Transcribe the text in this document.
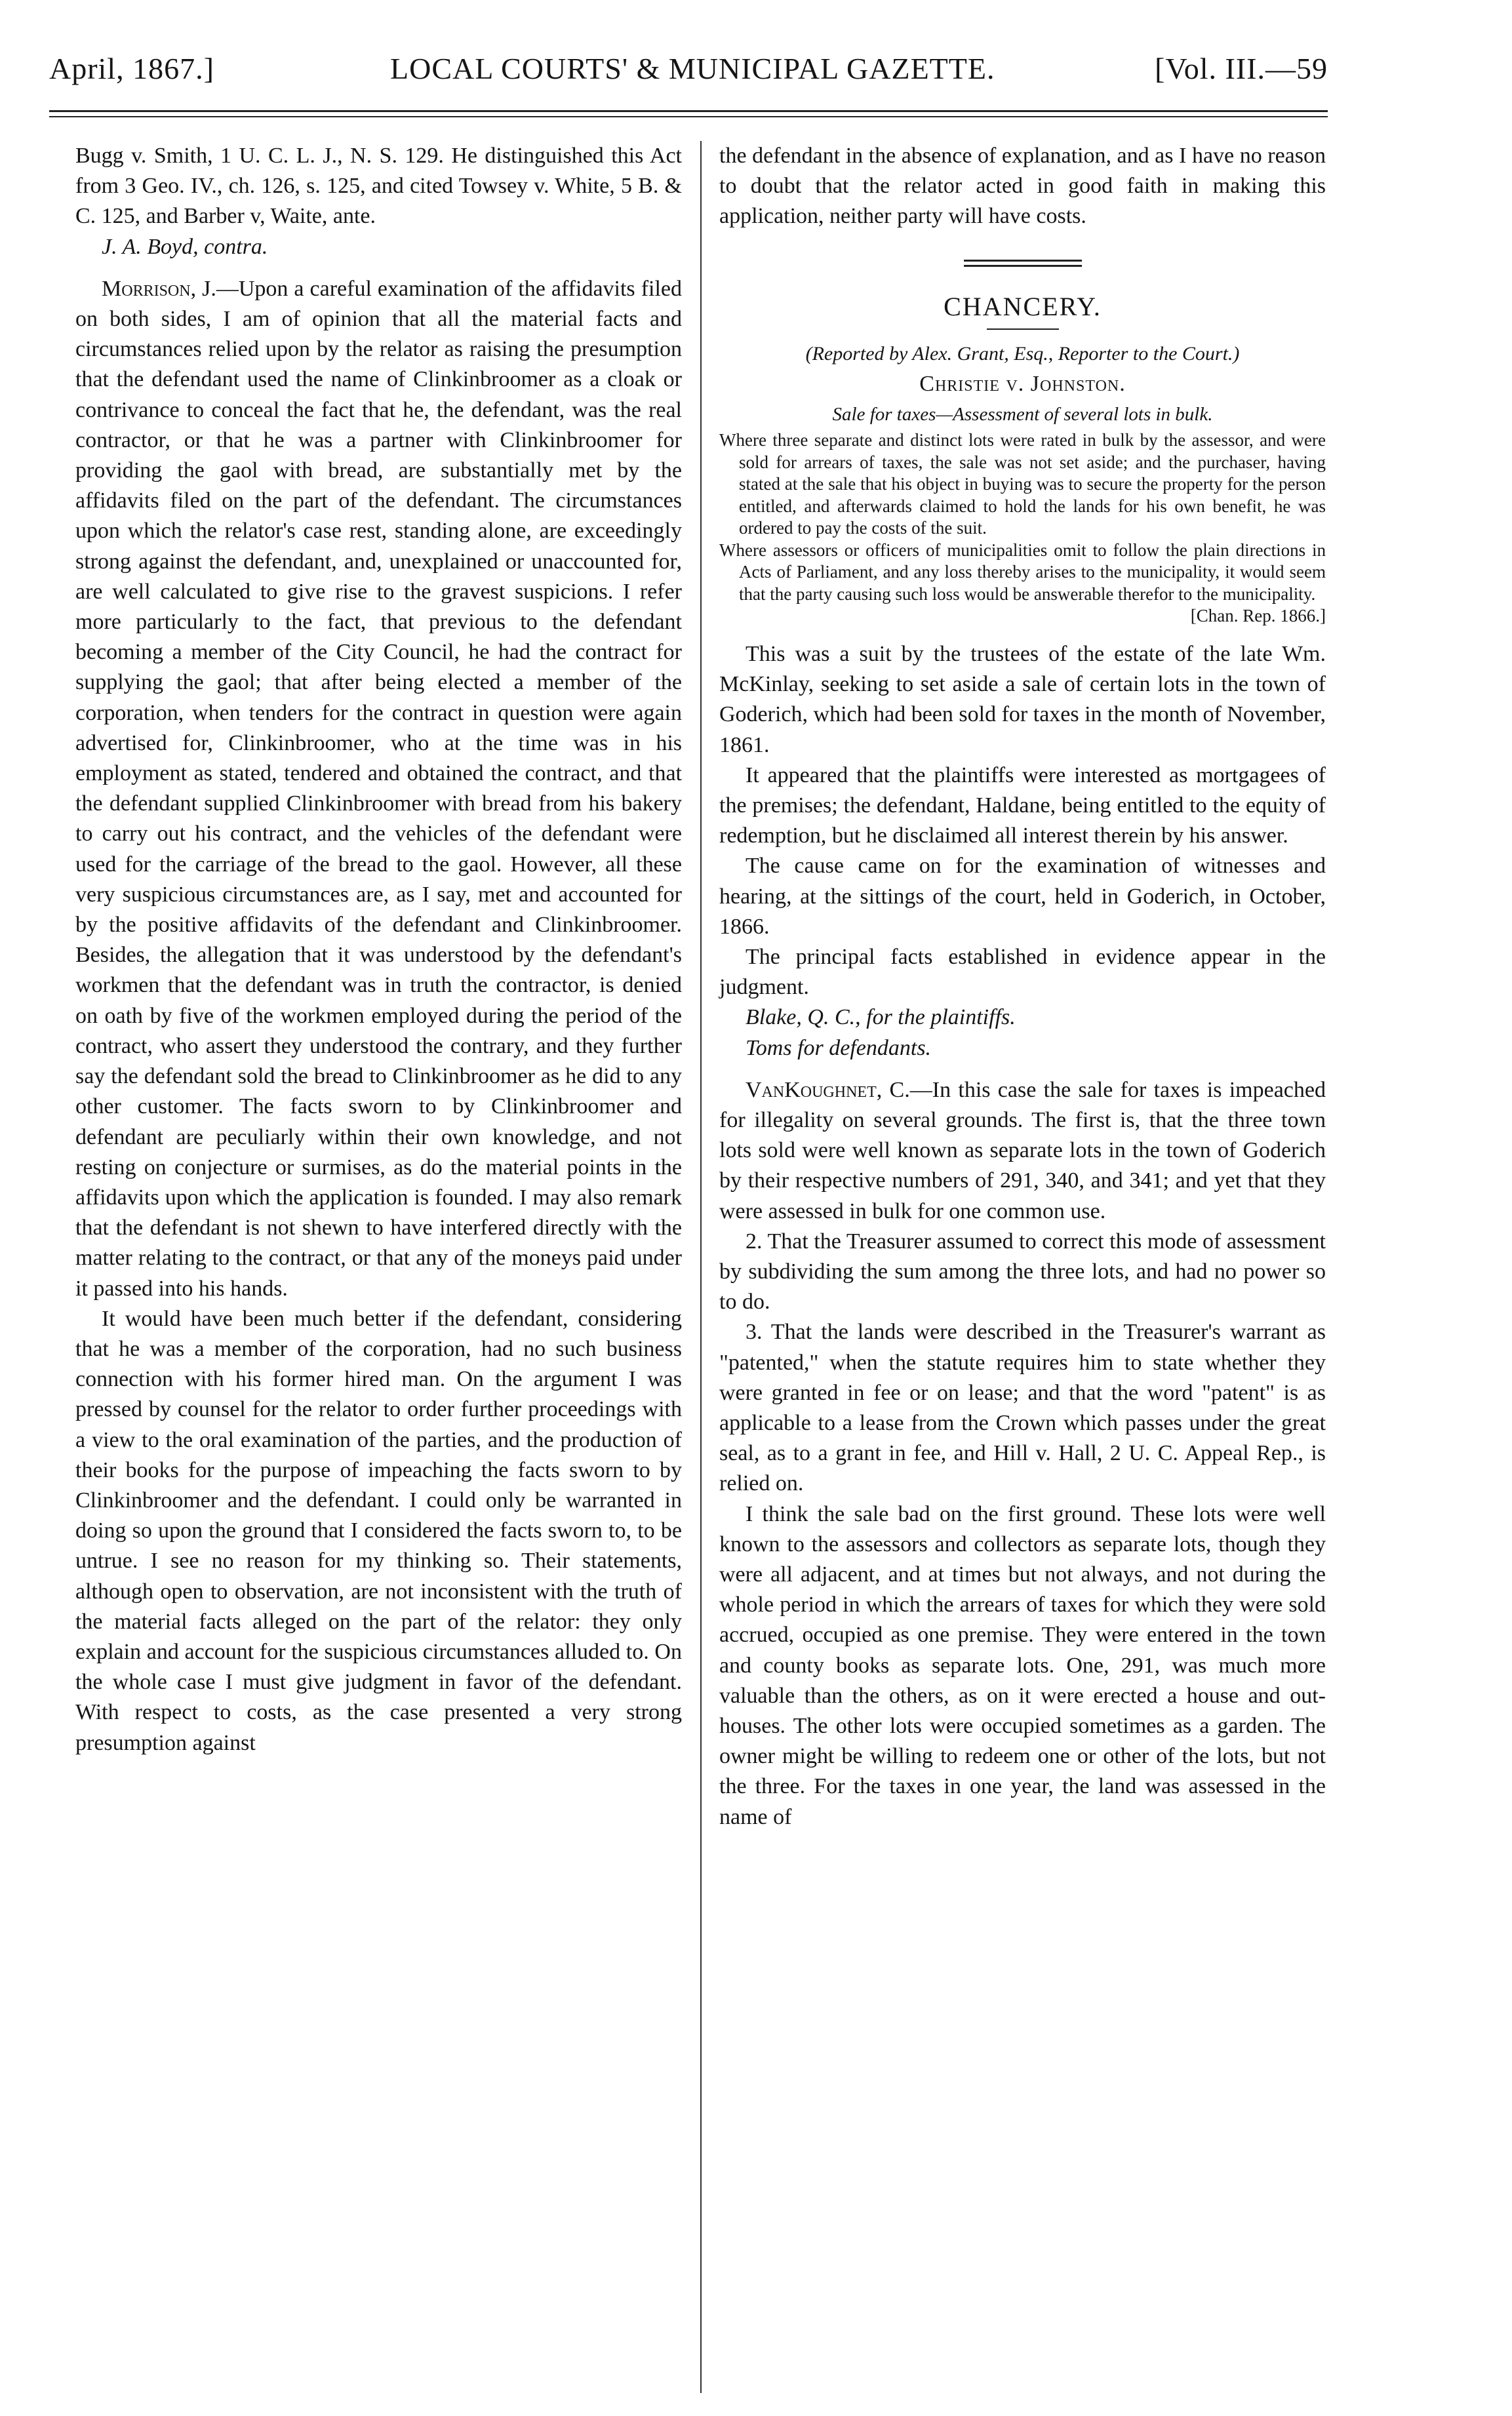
April, 1867.]	LOCAL COURTS' & MUNICIPAL GAZETTE.	[Vol. III.—59

Bugg v. Smith, 1 U. C. L. J., N. S. 129. He distinguished this Act from 3 Geo. IV., ch. 126, s. 125, and cited Towsey v. White, 5 B. & C. 125, and Barber v, Waite, ante.

J. A. Boyd, contra.

Morrison, J.—Upon a careful examination of the affidavits filed on both sides, I am of opinion that all the material facts and circumstances relied upon by the relator as raising the presumption that the defendant used the name of Clinkinbroomer as a cloak or contrivance to conceal the fact that he, the defendant, was the real contractor, or that he was a partner with Clinkinbroomer for providing the gaol with bread, are substantially met by the affidavits filed on the part of the defendant. The circumstances upon which the relator's case rest, standing alone, are exceedingly strong against the defendant, and, unexplained or unaccounted for, are well calculated to give rise to the gravest suspicions. I refer more particularly to the fact, that previous to the defendant becoming a member of the City Council, he had the contract for supplying the gaol; that after being elected a member of the corporation, when tenders for the contract in question were again advertised for, Clinkinbroomer, who at the time was in his employment as stated, tendered and obtained the contract, and that the defendant supplied Clinkinbroomer with bread from his bakery to carry out his contract, and the vehicles of the defendant were used for the carriage of the bread to the gaol. However, all these very suspicious circumstances are, as I say, met and accounted for by the positive affidavits of the defendant and Clinkinbroomer. Besides, the allegation that it was understood by the defendant's workmen that the defendant was in truth the contractor, is denied on oath by five of the workmen employed during the period of the contract, who assert they understood the contrary, and they further say the defendant sold the bread to Clinkinbroomer as he did to any other customer. The facts sworn to by Clinkinbroomer and defendant are peculiarly within their own knowledge, and not resting on conjecture or surmises, as do the material points in the affidavits upon which the application is founded. I may also remark that the defendant is not shewn to have interfered directly with the matter relating to the contract, or that any of the moneys paid under it passed into his hands.

It would have been much better if the defendant, considering that he was a member of the corporation, had no such business connection with his former hired man. On the argument I was pressed by counsel for the relator to order further proceedings with a view to the oral examination of the parties, and the production of their books for the purpose of impeaching the facts sworn to by Clinkinbroomer and the defendant. I could only be warranted in doing so upon the ground that I considered the facts sworn to, to be untrue. I see no reason for my thinking so. Their statements, although open to observation, are not inconsistent with the truth of the material facts alleged on the part of the relator: they only explain and account for the suspicious circumstances alluded to. On the whole case I must give judgment in favor of the defendant. With respect to costs, as the case presented a very strong presumption against

the defendant in the absence of explanation, and as I have no reason to doubt that the relator acted in good faith in making this application, neither party will have costs.

CHANCERY.

(Reported by Alex. Grant, Esq., Reporter to the Court.)

Christie v. Johnston.

Sale for taxes—Assessment of several lots in bulk.

Where three separate and distinct lots were rated in bulk by the assessor, and were sold for arrears of taxes, the sale was not set aside; and the purchaser, having stated at the sale that his object in buying was to secure the property for the person entitled, and afterwards claimed to hold the lands for his own benefit, he was ordered to pay the costs of the suit.

Where assessors or officers of municipalities omit to follow the plain directions in Acts of Parliament, and any loss thereby arises to the municipality, it would seem that the party causing such loss would be answerable therefor to the municipality.

[Chan. Rep. 1866.]

This was a suit by the trustees of the estate of the late Wm. McKinlay, seeking to set aside a sale of certain lots in the town of Goderich, which had been sold for taxes in the month of November, 1861.

It appeared that the plaintiffs were interested as mortgagees of the premises; the defendant, Haldane, being entitled to the equity of redemption, but he disclaimed all interest therein by his answer.

The cause came on for the examination of witnesses and hearing, at the sittings of the court, held in Goderich, in October, 1866.

The principal facts established in evidence appear in the judgment.

Blake, Q. C., for the plaintiffs.

Toms for defendants.

VanKoughnet, C.—In this case the sale for taxes is impeached for illegality on several grounds. The first is, that the three town lots sold were well known as separate lots in the town of Goderich by their respective numbers of 291, 340, and 341; and yet that they were assessed in bulk for one common use.

2. That the Treasurer assumed to correct this mode of assessment by subdividing the sum among the three lots, and had no power so to do.

3. That the lands were described in the Treasurer's warrant as "patented," when the statute requires him to state whether they were granted in fee or on lease; and that the word "patent" is as applicable to a lease from the Crown which passes under the great seal, as to a grant in fee, and Hill v. Hall, 2 U. C. Appeal Rep., is relied on.

I think the sale bad on the first ground. These lots were well known to the assessors and collectors as separate lots, though they were all adjacent, and at times but not always, and not during the whole period in which the arrears of taxes for which they were sold accrued, occupied as one premise. They were entered in the town and county books as separate lots. One, 291, was much more valuable than the others, as on it were erected a house and out-houses. The other lots were occupied sometimes as a garden. The owner might be willing to redeem one or other of the lots, but not the three. For the taxes in one year, the land was assessed in the name of
